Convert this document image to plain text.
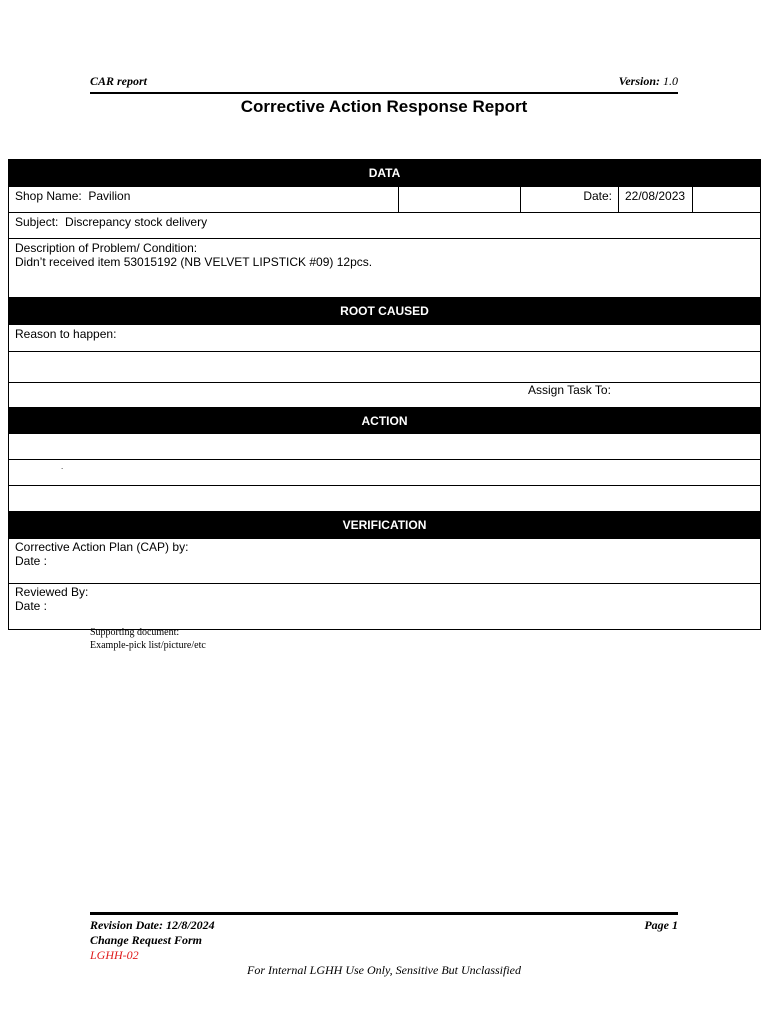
CAR report	Version: 1.0
Corrective Action Response Report
DATA
Shop Name: Pavilion		Date:	22/08/2023	
Subject: Discrepancy stock delivery

Description of Problem/ Condition:
Didn’t received item 53015192 (NB VELVET LIPSTICK #09) 12pcs.

ROOT CAUSED
Reason to happen:

Assign Task To:
ACTION

.

VERIFICATION

Corrective Action Plan (CAP) by:
Date :

Reviewed By:
Date :
Supporting document:
Example-pick list/picture/etc
Revision Date: 12/8/2024
Change Request Form
LGHH-02
Page 1
For Internal LGHH Use Only, Sensitive But Unclassified
